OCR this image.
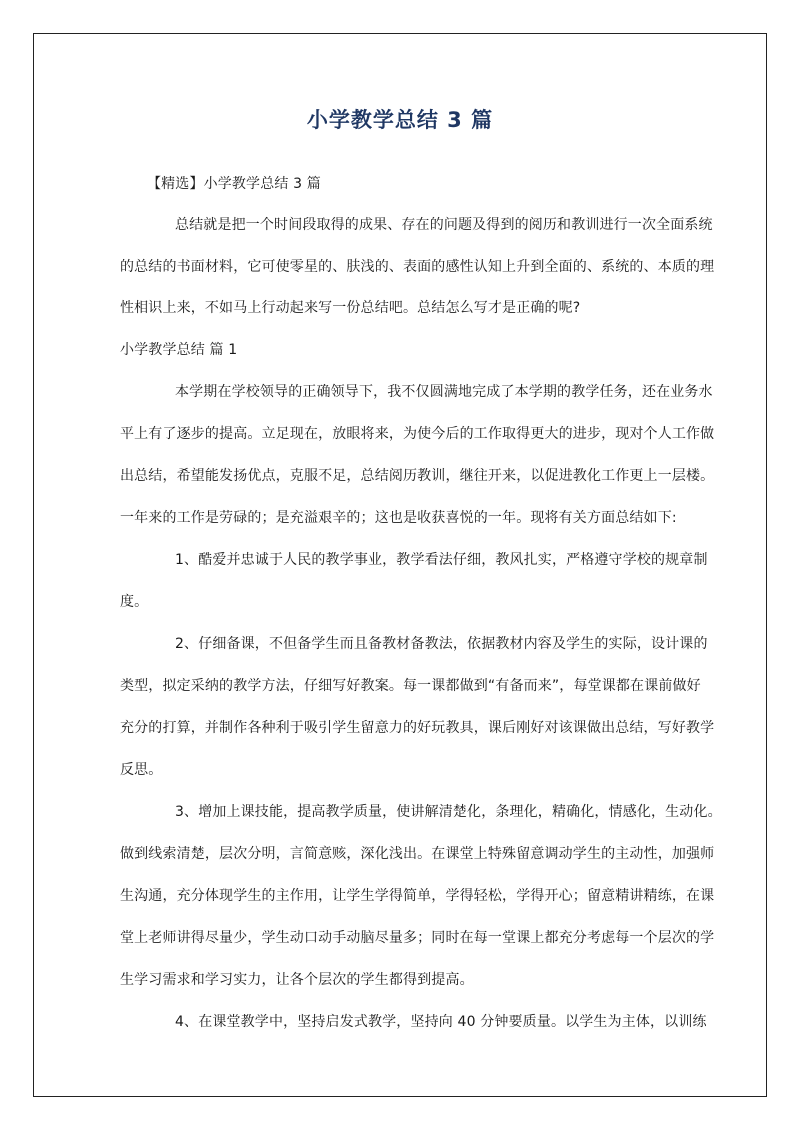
小学教学总结 3 篇
【精选】小学教学总结 3 篇
总结就是把一个时间段取得的成果、存在的问题及得到的阅历和教训进行一次全面系统
的总结的书面材料，它可使零星的、肤浅的、表面的感性认知上升到全面的、系统的、本质的理
性相识上来，不如马上行动起来写一份总结吧。总结怎么写才是正确的呢?
小学教学总结 篇 1
本学期在学校领导的正确领导下，我不仅圆满地完成了本学期的教学任务，还在业务水
平上有了逐步的提高。立足现在，放眼将来，为使今后的工作取得更大的进步，现对个人工作做
出总结，希望能发扬优点，克服不足，总结阅历教训，继往开来，以促进教化工作更上一层楼。
一年来的工作是劳碌的；是充溢艰辛的；这也是收获喜悦的一年。现将有关方面总结如下:
1、酷爱并忠诚于人民的教学事业，教学看法仔细，教风扎实，严格遵守学校的规章制
度。
2、仔细备课，不但备学生而且备教材备教法，依据教材内容及学生的实际，设计课的
类型，拟定采纳的教学方法，仔细写好教案。每一课都做到“有备而来”，每堂课都在课前做好
充分的打算，并制作各种利于吸引学生留意力的好玩教具，课后刚好对该课做出总结，写好教学
反思。
3、增加上课技能，提高教学质量，使讲解清楚化，条理化，精确化，情感化，生动化。
做到线索清楚，层次分明，言简意赅，深化浅出。在课堂上特殊留意调动学生的主动性，加强师
生沟通，充分体现学生的主作用，让学生学得简单，学得轻松，学得开心；留意精讲精练，在课
堂上老师讲得尽量少，学生动口动手动脑尽量多；同时在每一堂课上都充分考虑每一个层次的学
生学习需求和学习实力，让各个层次的学生都得到提高。
4、在课堂教学中，坚持启发式教学，坚持向 40 分钟要质量。以学生为主体，以训练
